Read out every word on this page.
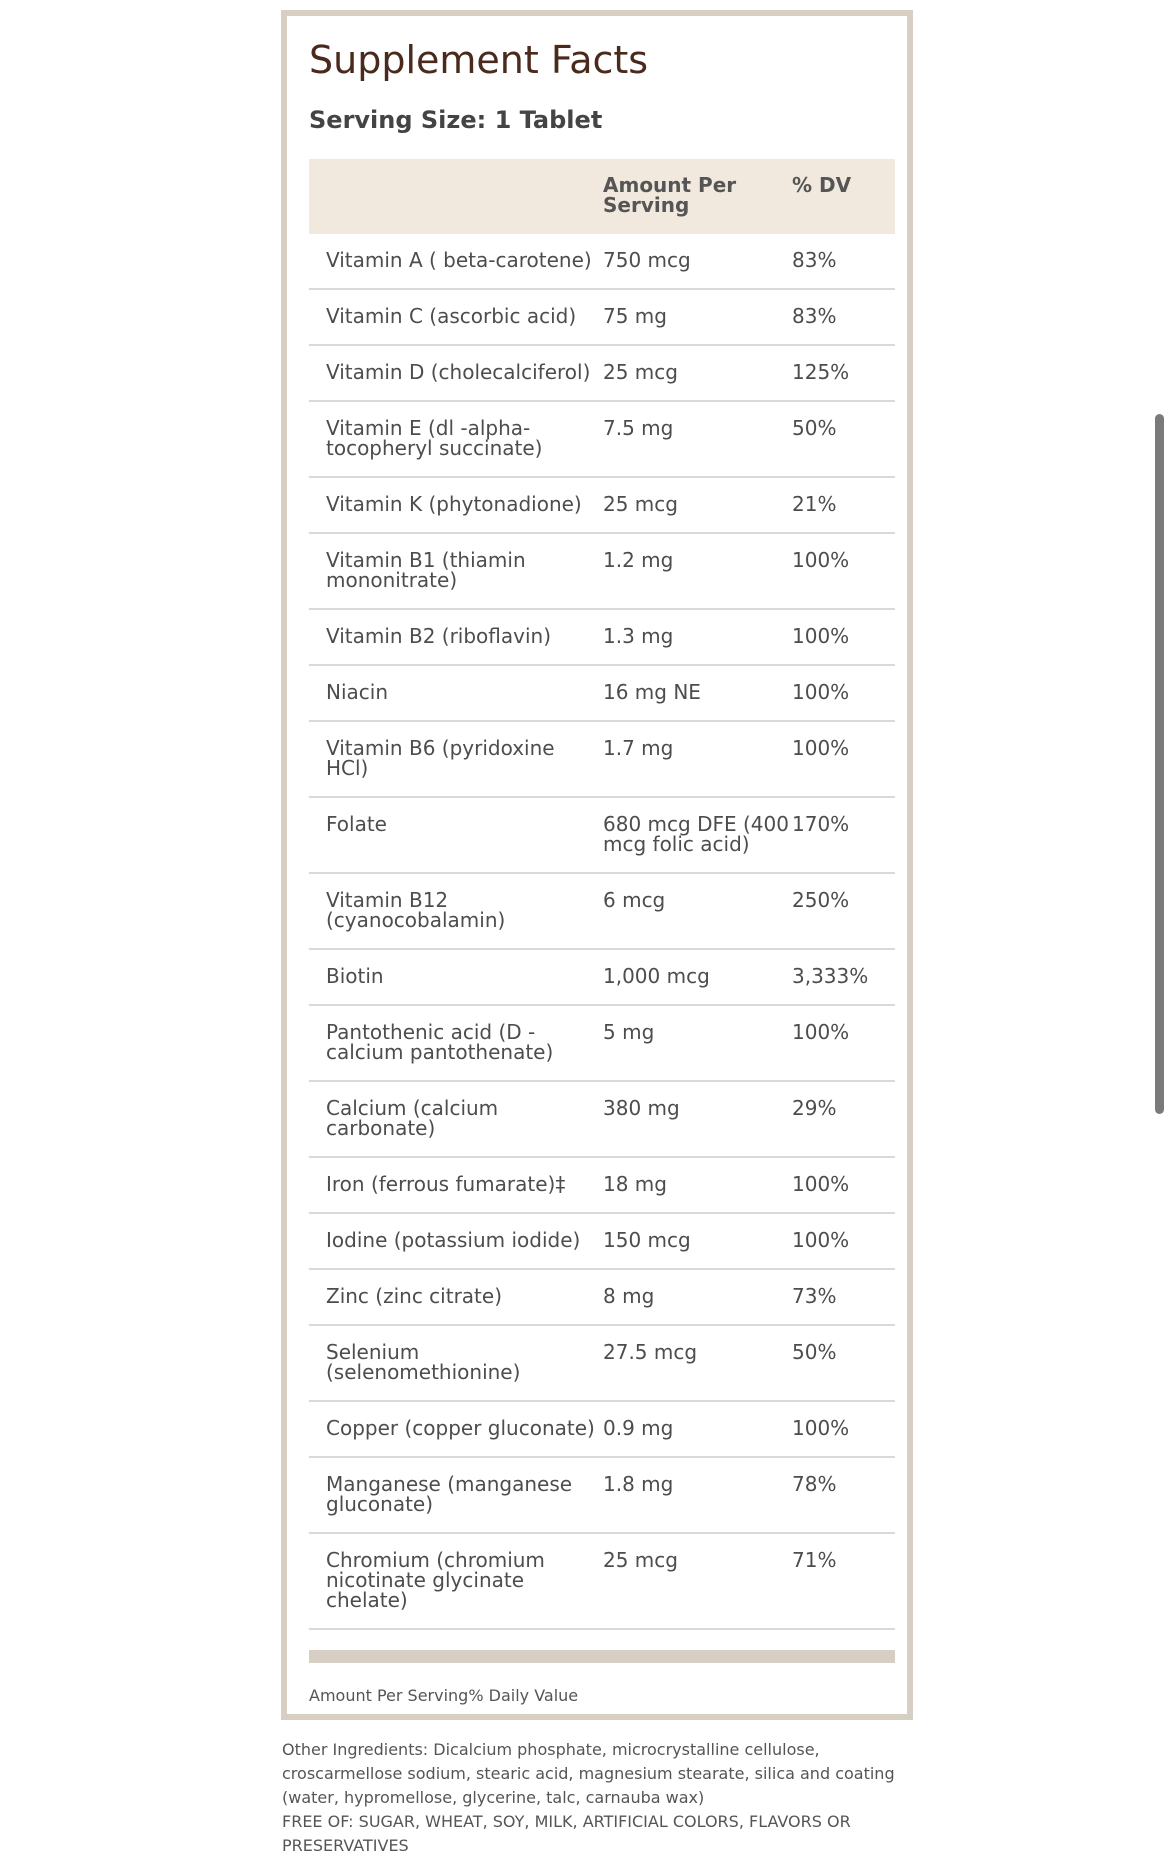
Supplement Facts
Serving Size: 1 Tablet
	Amount Per Serving	% DV
Vitamin A ( beta-carotene)	750 mcg	83%
Vitamin C (ascorbic acid)	75 mg	83%
Vitamin D (cholecalciferol)	25 mcg	125%
Vitamin E (dl -alpha-tocopheryl succinate)	7.5 mg	50%
Vitamin K (phytonadione)	25 mcg	21%
Vitamin B1 (thiamin mononitrate)	1.2 mg	100%
Vitamin B2 (riboflavin)	1.3 mg	100%
Niacin	16 mg NE	100%
Vitamin B6 (pyridoxine HCl)	1.7 mg	100%
Folate	680 mcg DFE (400 mcg folic acid)	170%
Vitamin B12 (cyanocobalamin)	6 mcg	250%
Biotin	1,000 mcg	3,333%
Pantothenic acid (D -calcium pantothenate)	5 mg	100%
Calcium (calcium carbonate)	380 mg	29%
Iron (ferrous fumarate)‡	18 mg	100%
Iodine (potassium iodide)	150 mcg	100%
Zinc (zinc citrate)	8 mg	73%
Selenium (selenomethionine)	27.5 mcg	50%
Copper (copper gluconate)	0.9 mg	100%
Manganese (manganese gluconate)	1.8 mg	78%
Chromium (chromium nicotinate glycinate chelate)	25 mcg	71%

Amount Per Serving% Daily Value

Other Ingredients: Dicalcium phosphate, microcrystalline cellulose, croscarmellose sodium, stearic acid, magnesium stearate, silica and coating (water, hypromellose, glycerine, talc, carnauba wax)
FREE OF: SUGAR, WHEAT, SOY, MILK, ARTIFICIAL COLORS, FLAVORS OR PRESERVATIVES
